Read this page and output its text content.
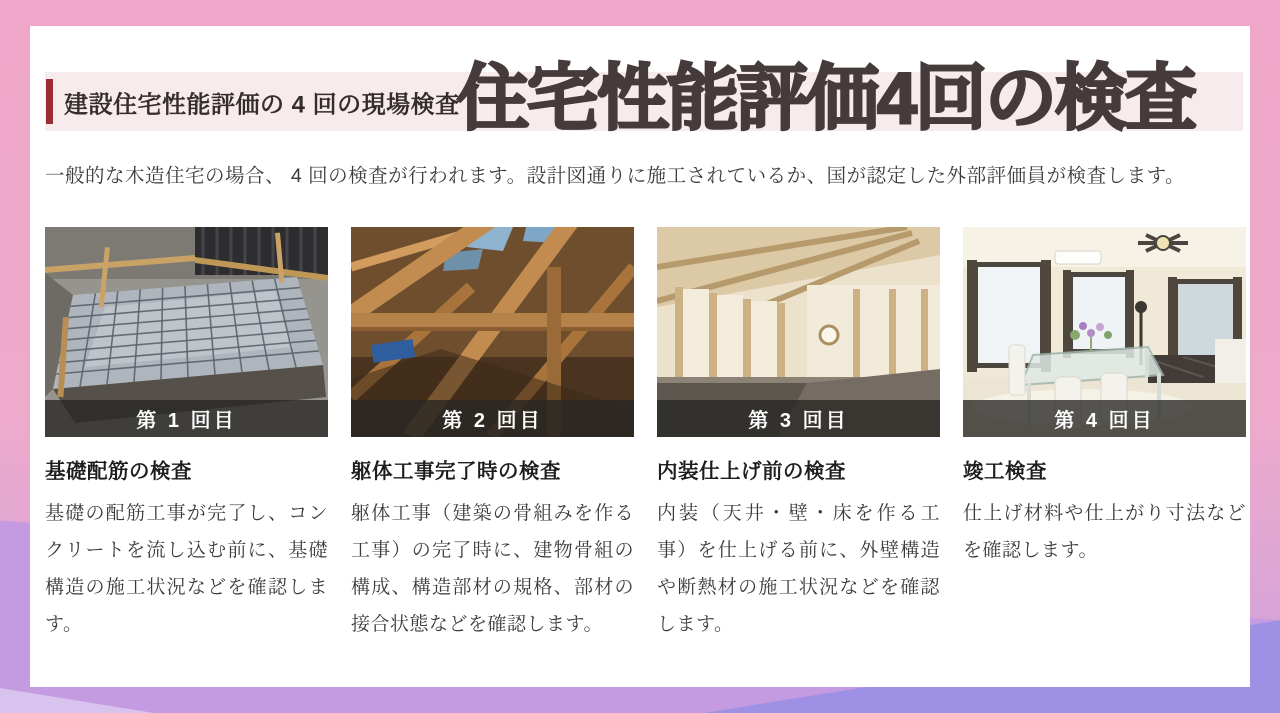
建設住宅性能評価の 4 回の現場検査
住宅性能評価4回の検査
一般的な木造住宅の場合、 4 回の検査が行われます。設計図通りに施工されているか、国が認定した外部評価員が検査します。
第 1 回目
基礎配筋の検査
基礎の配筋工事が完了し、コンクリートを流し込む前に、基礎構造の施工状況などを確認します。
第 2 回目
躯体工事完了時の検査
躯体工事（建築の骨組みを作る工事）の完了時に、建物骨組の構成、構造部材の規格、部材の接合状態などを確認します。
第 3 回目
内装仕上げ前の検査
内装（天井・壁・床を作る工事）を仕上げる前に、外壁構造や断熱材の施工状況などを確認します。
第 4 回目
竣工検査
仕上げ材料や仕上がり寸法などを確認します。
